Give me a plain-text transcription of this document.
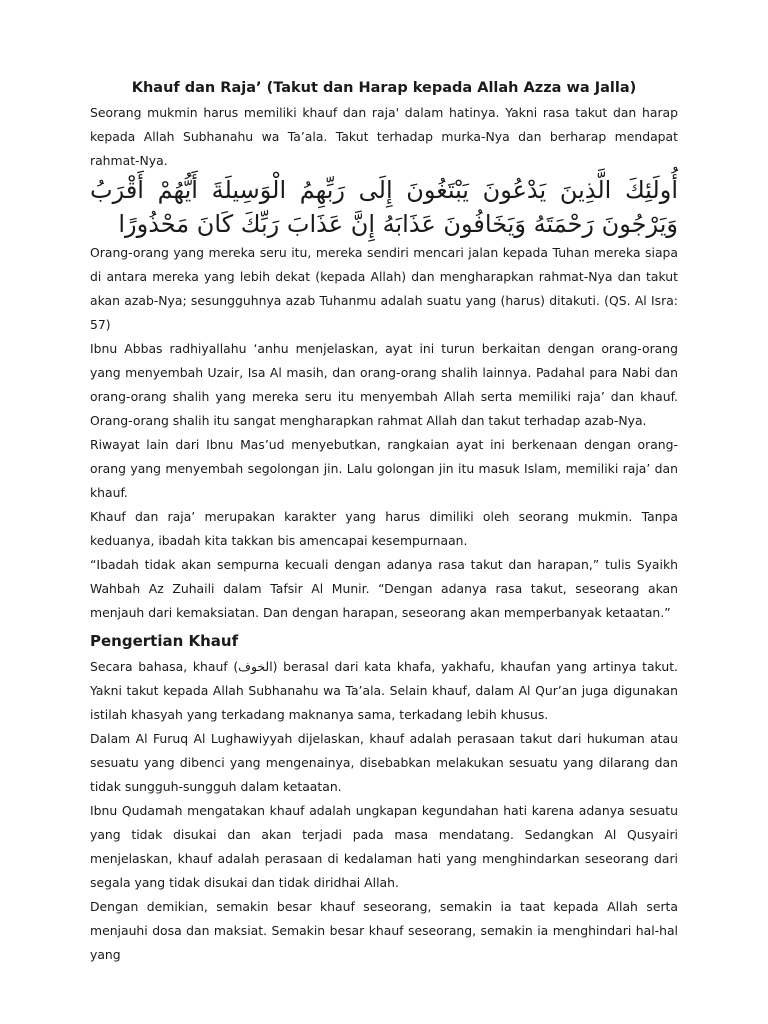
Khauf dan Raja’ (Takut dan Harap kepada Allah Azza wa Jalla)

Seorang mukmin harus memiliki khauf dan raja' dalam hatinya. Yakni rasa takut dan harap kepada Allah Subhanahu wa Ta’ala. Takut terhadap murka-Nya dan berharap mendapat rahmat-Nya.

أُولَئِكَ الَّذِينَ يَدْعُونَ يَبْتَغُونَ إِلَى رَبِّهِمُ الْوَسِيلَةَ أَيُّهُمْ أَقْرَبُ وَيَرْجُونَ رَحْمَتَهُ وَيَخَافُونَ عَذَابَهُ إِنَّ عَذَابَ رَبِّكَ كَانَ مَحْذُورًا

Orang-orang yang mereka seru itu, mereka sendiri mencari jalan kepada Tuhan mereka siapa di antara mereka yang lebih dekat (kepada Allah) dan mengharapkan rahmat-Nya dan takut akan azab-Nya; sesungguhnya azab Tuhanmu adalah suatu yang (harus) ditakuti. (QS. Al Isra: 57)

Ibnu Abbas radhiyallahu ‘anhu menjelaskan, ayat ini turun berkaitan dengan orang-orang yang menyembah Uzair, Isa Al masih, dan orang-orang shalih lainnya. Padahal para Nabi dan orang-orang shalih yang mereka seru itu menyembah Allah serta memiliki raja’ dan khauf. Orang-orang shalih itu sangat mengharapkan rahmat Allah dan takut terhadap azab-Nya.

Riwayat lain dari Ibnu Mas’ud menyebutkan, rangkaian ayat ini berkenaan dengan orang-orang yang menyembah segolongan jin. Lalu golongan jin itu masuk Islam, memiliki raja’ dan khauf.

Khauf dan raja’ merupakan karakter yang harus dimiliki oleh seorang mukmin. Tanpa keduanya, ibadah kita takkan bis amencapai kesempurnaan.

“Ibadah tidak akan sempurna kecuali dengan adanya rasa takut dan harapan,” tulis Syaikh Wahbah Az Zuhaili dalam Tafsir Al Munir. “Dengan adanya rasa takut, seseorang akan menjauh dari kemaksiatan. Dan dengan harapan, seseorang akan memperbanyak ketaatan.”

Pengertian Khauf

Secara bahasa, khauf (الخوف) berasal dari kata khafa, yakhafu, khaufan yang artinya takut. Yakni takut kepada Allah Subhanahu wa Ta’ala. Selain khauf, dalam Al Qur’an juga digunakan istilah khasyah yang terkadang maknanya sama, terkadang lebih khusus.

Dalam Al Furuq Al Lughawiyyah dijelaskan, khauf adalah perasaan takut dari hukuman atau sesuatu yang dibenci yang mengenainya, disebabkan melakukan sesuatu yang dilarang dan tidak sungguh-sungguh dalam ketaatan.

Ibnu Qudamah mengatakan khauf adalah ungkapan kegundahan hati karena adanya sesuatu yang tidak disukai dan akan terjadi pada masa mendatang. Sedangkan Al Qusyairi menjelaskan, khauf adalah perasaan di kedalaman hati yang menghindarkan seseorang dari segala yang tidak disukai dan tidak diridhai Allah.

Dengan demikian, semakin besar khauf seseorang, semakin ia taat kepada Allah serta menjauhi dosa dan maksiat. Semakin besar khauf seseorang, semakin ia menghindari hal-hal yang
